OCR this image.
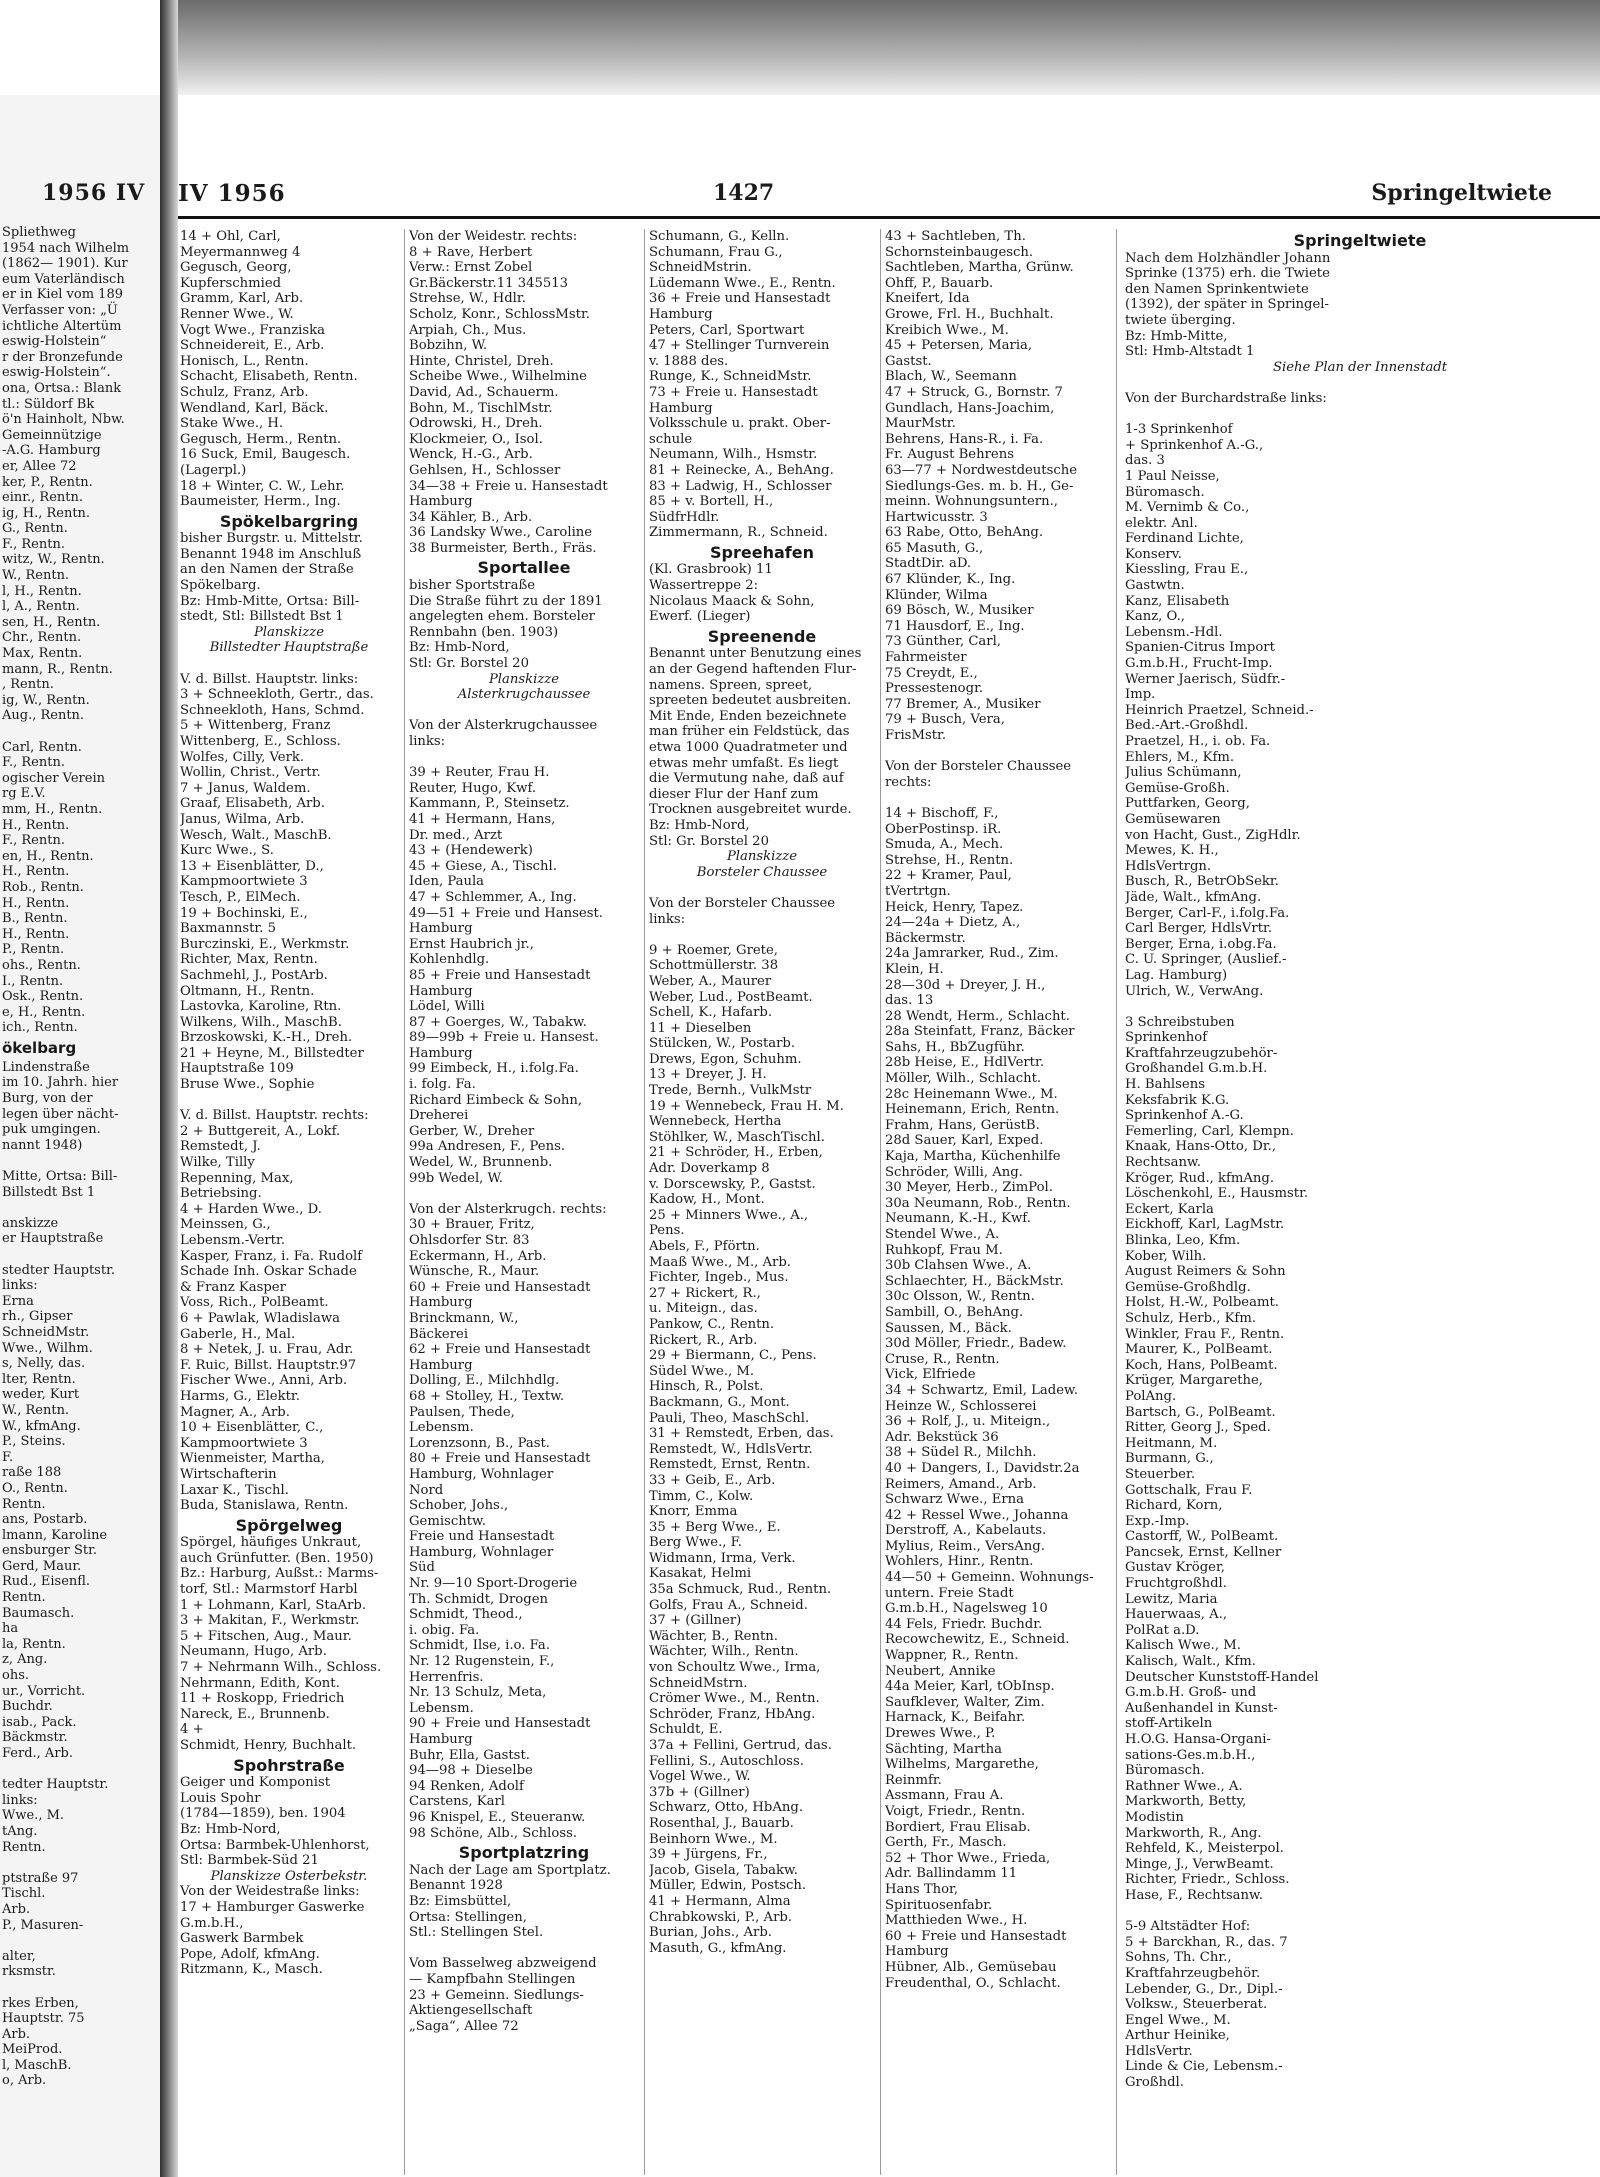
Spliethweg

1954 nach Wilhelm

(1862— 1901). Kur

eum Vaterländisch

er in Kiel vom 189

Verfasser von: „Ü

ichtliche Altertüm

eswig-Holstein“

r der Bronzefunde

eswig-Holstein“.

ona, Ortsa.: Blank

tl.: Süldorf Bk

ö'n Hainholt, Nbw.

Gemeinnützige

-A.G. Hamburg

er, Allee 72

ker, P., Rentn.

einr., Rentn.

ig, H., Rentn.

G., Rentn.

F., Rentn.

witz, W., Rentn.

W., Rentn.

l, H., Rentn.

l, A., Rentn.

sen, H., Rentn.

Chr., Rentn.

Max, Rentn.

mann, R., Rentn.

, Rentn.

ig, W., Rentn.

Aug., Rentn.

Carl, Rentn.

F., Rentn.

ogischer Verein

rg E.V.

mm, H., Rentn.

H., Rentn.

F., Rentn.

en, H., Rentn.

H., Rentn.

Rob., Rentn.

H., Rentn.

B., Rentn.

H., Rentn.

P., Rentn.

ohs., Rentn.

I., Rentn.

Osk., Rentn.

e, H., Rentn.

ich., Rentn.

ökelbarg

Lindenstraße

im 10. Jahrh. hier

Burg, von der

legen über nächt-

puk umgingen.

nannt 1948)

Mitte, Ortsa: Bill-

Billstedt Bst 1

anskizze

er Hauptstraße

stedter Hauptstr.

links:

Erna

rh., Gipser

SchneidMstr.

Wwe., Wilhm.

s, Nelly, das.

lter, Rentn.

weder, Kurt

W., Rentn.

W., kfmAng.

P., Steins.

F.

raße 188

O., Rentn.

Rentn.

ans, Postarb.

lmann, Karoline

ensburger Str.

Gerd, Maur.

Rud., Eisenfl.

Rentn.

Baumasch.

ha

la, Rentn.

z, Ang.

ohs.

ur., Vorricht.

Buchdr.

isab., Pack.

Bäckmstr.

Ferd., Arb.

tedter Hauptstr.

links:

Wwe., M.

tAng.

Rentn.

ptstraße 97

Tischl.

Arb.

P., Masuren-

alter,

rksmstr.

rkes Erben,

Hauptstr. 75

Arb.

MeiProd.

l, MaschB.

o, Arb.

1956 IV	IV 1956	1427	Springeltwiete

14 + Ohl, Carl,

Meyermannweg 4

Gegusch, Georg,

Kupferschmied

Gramm, Karl, Arb.

Renner Wwe., W.

Vogt Wwe., Franziska

Schneidereit, E., Arb.

Honisch, L., Rentn.

Schacht, Elisabeth, Rentn.

Schulz, Franz, Arb.

Wendland, Karl, Bäck.

Stake Wwe., H.

Gegusch, Herm., Rentn.

16 Suck, Emil, Baugesch.

(Lagerpl.)

18 + Winter, C. W., Lehr.

Baumeister, Herm., Ing.

Spökelbargring

bisher Burgstr. u. Mittelstr.

Benannt 1948 im Anschluß

an den Namen der Straße

Spökelbarg.

Bz: Hmb-Mitte, Ortsa: Bill-

stedt, Stl: Billstedt Bst 1

Planskizze

Billstedter Hauptstraße

V. d. Billst. Hauptstr. links:

3 + Schneekloth, Gertr., das.

Schneekloth, Hans, Schmd.

5 + Wittenberg, Franz

Wittenberg, E., Schloss.

Wolfes, Cilly, Verk.

Wollin, Christ., Vertr.

7 + Janus, Waldem.

Graaf, Elisabeth, Arb.

Janus, Wilma, Arb.

Wesch, Walt., MaschB.

Kurc Wwe., S.

13 + Eisenblätter, D.,

Kampmoortwiete 3

Tesch, P., ElMech.

19 + Bochinski, E.,

Baxmannstr. 5

Burczinski, E., Werkmstr.

Richter, Max, Rentn.

Sachmehl, J., PostArb.

Oltmann, H., Rentn.

Lastovka, Karoline, Rtn.

Wilkens, Wilh., MaschB.

Brzoskowski, K.-H., Dreh.

21 + Heyne, M., Billstedter

Hauptstraße 109

Bruse Wwe., Sophie

V. d. Billst. Hauptstr. rechts:

2 + Buttgereit, A., Lokf.

Remstedt, J.

Wilke, Tilly

Repenning, Max,

Betriebsing.

4 + Harden Wwe., D.

Meinssen, G.,

Lebensm.-Vertr.

Kasper, Franz, i. Fa. Rudolf

Schade Inh. Oskar Schade

& Franz Kasper

Voss, Rich., PolBeamt.

6 + Pawlak, Wladislawa

Gaberle, H., Mal.

8 + Netek, J. u. Frau, Adr.

F. Ruic, Billst. Hauptstr.97

Fischer Wwe., Anni, Arb.

Harms, G., Elektr.

Magner, A., Arb.

10 + Eisenblätter, C.,

Kampmoortwiete 3

Wienmeister, Martha,

Wirtschafterin

Laxar K., Tischl.

Buda, Stanislawa, Rentn.

Spörgelweg

Spörgel, häufiges Unkraut,

auch Grünfutter. (Ben. 1950)

Bz.: Harburg, Außst.: Marms-

torf, Stl.: Marmstorf Harbl

1 + Lohmann, Karl, StaArb.

3 + Makitan, F., Werkmstr.

5 + Fitschen, Aug., Maur.

Neumann, Hugo, Arb.

7 + Nehrmann Wilh., Schloss.

Nehrmann, Edith, Kont.

11 + Roskopp, Friedrich

Nareck, E., Brunnenb.

4 +

Schmidt, Henry, Buchhalt.

Spohrstraße

Geiger und Komponist

Louis Spohr

(1784—1859), ben. 1904

Bz: Hmb-Nord,

Ortsa: Barmbek-Uhlenhorst,

Stl: Barmbek-Süd 21

Planskizze Osterbekstr.

Von der Weidestraße links:

17 + Hamburger Gaswerke

G.m.b.H.,

Gaswerk Barmbek

Pope, Adolf, kfmAng.

Ritzmann, K., Masch.

Von der Weidestr. rechts:

8 + Rave, Herbert

Verw.: Ernst Zobel

Gr.Bäckerstr.11 345513

Strehse, W., Hdlr.

Scholz, Konr., SchlossMstr.

Arpiah, Ch., Mus.

Bobzihn, W.

Hinte, Christel, Dreh.

Scheibe Wwe., Wilhelmine

David, Ad., Schauerm.

Bohn, M., TischlMstr.

Odrowski, H., Dreh.

Klockmeier, O., Isol.

Wenck, H.-G., Arb.

Gehlsen, H., Schlosser

34—38 + Freie u. Hansestadt

Hamburg

34 Kähler, B., Arb.

36 Landsky Wwe., Caroline

38 Burmeister, Berth., Fräs.

Sportallee

bisher Sportstraße

Die Straße führt zu der 1891

angelegten ehem. Borsteler

Rennbahn (ben. 1903)

Bz: Hmb-Nord,

Stl: Gr. Borstel 20

Planskizze

Alsterkrugchaussee

Von der Alsterkrugchaussee

links:

39 + Reuter, Frau H.

Reuter, Hugo, Kwf.

Kammann, P., Steinsetz.

41 + Hermann, Hans,

Dr. med., Arzt

43 + (Hendewerk)

45 + Giese, A., Tischl.

Iden, Paula

47 + Schlemmer, A., Ing.

49—51 + Freie und Hansest.

Hamburg

Ernst Haubrich jr.,

Kohlenhdlg.

85 + Freie und Hansestadt

Hamburg

Lödel, Willi

87 + Goerges, W., Tabakw.

89—99b + Freie u. Hansest.

Hamburg

99 Eimbeck, H., i.folg.Fa.

i. folg. Fa.

Richard Eimbeck & Sohn,

Dreherei

Gerber, W., Dreher

99a Andresen, F., Pens.

Wedel, W., Brunnenb.

99b Wedel, W.

Von der Alsterkrugch. rechts:

30 + Brauer, Fritz,

Ohlsdorfer Str. 83

Eckermann, H., Arb.

Wünsche, R., Maur.

60 + Freie und Hansestadt

Hamburg

Brinckmann, W.,

Bäckerei

62 + Freie und Hansestadt

Hamburg

Dolling, E., Milchhdlg.

68 + Stolley, H., Textw.

Paulsen, Thede,

Lebensm.

Lorenzsonn, B., Past.

80 + Freie und Hansestadt

Hamburg, Wohnlager

Nord

Schober, Johs.,

Gemischtw.

Freie und Hansestadt

Hamburg, Wohnlager

Süd

Nr. 9—10 Sport-Drogerie

Th. Schmidt, Drogen

Schmidt, Theod.,

i. obig. Fa.

Schmidt, Ilse, i.o. Fa.

Nr. 12 Rugenstein, F.,

Herrenfris.

Nr. 13 Schulz, Meta,

Lebensm.

90 + Freie und Hansestadt

Hamburg

Buhr, Ella, Gastst.

94—98 + Dieselbe

94 Renken, Adolf

Carstens, Karl

96 Knispel, E., Steueranw.

98 Schöne, Alb., Schloss.

Sportplatzring

Nach der Lage am Sportplatz.

Benannt 1928

Bz: Eimsbüttel,

Ortsa: Stellingen,

Stl.: Stellingen Stel.

Vom Basselweg abzweigend

— Kampfbahn Stellingen

23 + Gemeinn. Siedlungs-

Aktiengesellschaft

„Saga“, Allee 72

Schumann, G., Kelln.

Schumann, Frau G.,

SchneidMstrin.

Lüdemann Wwe., E., Rentn.

36 + Freie und Hansestadt

Hamburg

Peters, Carl, Sportwart

47 + Stellinger Turnverein

v. 1888 des.

Runge, K., SchneidMstr.

73 + Freie u. Hansestadt

Hamburg

Volksschule u. prakt. Ober-

schule

Neumann, Wilh., Hsmstr.

81 + Reinecke, A., BehAng.

83 + Ladwig, H., Schlosser

85 + v. Bortell, H.,

SüdfrHdlr.

Zimmermann, R., Schneid.

Spreehafen

(Kl. Grasbrook) 11

Wassertreppe 2:

Nicolaus Maack & Sohn,

Ewerf. (Lieger)

Spreenende

Benannt unter Benutzung eines

an der Gegend haftenden Flur-

namens. Spreen, spreet,

spreeten bedeutet ausbreiten.

Mit Ende, Enden bezeichnete

man früher ein Feldstück, das

etwa 1000 Quadratmeter und

etwas mehr umfaßt. Es liegt

die Vermutung nahe, daß auf

dieser Flur der Hanf zum

Trocknen ausgebreitet wurde.

Bz: Hmb-Nord,

Stl: Gr. Borstel 20

Planskizze

Borsteler Chaussee

Von der Borsteler Chaussee

links:

9 + Roemer, Grete,

Schottmüllerstr. 38

Weber, A., Maurer

Weber, Lud., PostBeamt.

Schell, K., Hafarb.

11 + Dieselben

Stülcken, W., Postarb.

Drews, Egon, Schuhm.

13 + Dreyer, J. H.

Trede, Bernh., VulkMstr

19 + Wennebeck, Frau H. M.

Wennebeck, Hertha

Stöhlker, W., MaschTischl.

21 + Schröder, H., Erben,

Adr. Doverkamp 8

v. Dorscewsky, P., Gastst.

Kadow, H., Mont.

25 + Minners Wwe., A.,

Pens.

Abels, F., Pförtn.

Maaß Wwe., M., Arb.

Fichter, Ingeb., Mus.

27 + Rickert, R.,

u. Miteign., das.

Pankow, C., Rentn.

Rickert, R., Arb.

29 + Biermann, C., Pens.

Südel Wwe., M.

Hinsch, R., Polst.

Backmann, G., Mont.

Pauli, Theo, MaschSchl.

31 + Remstedt, Erben, das.

Remstedt, W., HdlsVertr.

Remstedt, Ernst, Rentn.

33 + Geib, E., Arb.

Timm, C., Kolw.

Knorr, Emma

35 + Berg Wwe., E.

Berg Wwe., F.

Widmann, Irma, Verk.

Kasakat, Helmi

35a Schmuck, Rud., Rentn.

Golfs, Frau A., Schneid.

37 + (Gillner)

Wächter, B., Rentn.

Wächter, Wilh., Rentn.

von Schoultz Wwe., Irma,

SchneidMstrn.

Crömer Wwe., M., Rentn.

Schröder, Franz, HbAng.

Schuldt, E.

37a + Fellini, Gertrud, das.

Fellini, S., Autoschloss.

Vogel Wwe., W.

37b + (Gillner)

Schwarz, Otto, HbAng.

Rosenthal, J., Bauarb.

Beinhorn Wwe., M.

39 + Jürgens, Fr.,

Jacob, Gisela, Tabakw.

Müller, Edwin, Postsch.

41 + Hermann, Alma

Chrabkowski, P., Arb.

Burian, Johs., Arb.

Masuth, G., kfmAng.

43 + Sachtleben, Th.

Schornsteinbaugesch.

Sachtleben, Martha, Grünw.

Ohff, P., Bauarb.

Kneifert, Ida

Growe, Frl. H., Buchhalt.

Kreibich Wwe., M.

45 + Petersen, Maria,

Gastst.

Blach, W., Seemann

47 + Struck, G., Bornstr. 7

Gundlach, Hans-Joachim,

MaurMstr.

Behrens, Hans-R., i. Fa.

Fr. August Behrens

63—77 + Nordwestdeutsche

Siedlungs-Ges. m. b. H., Ge-

meinn. Wohnungsuntern.,

Hartwicusstr. 3

63 Rabe, Otto, BehAng.

65 Masuth, G.,

StadtDir. aD.

67 Klünder, K., Ing.

Klünder, Wilma

69 Bösch, W., Musiker

71 Hausdorf, E., Ing.

73 Günther, Carl,

Fahrmeister

75 Creydt, E.,

Pressestenogr.

77 Bremer, A., Musiker

79 + Busch, Vera,

FrisMstr.

Von der Borsteler Chaussee

rechts:

14 + Bischoff, F.,

OberPostinsp. iR.

Smuda, A., Mech.

Strehse, H., Rentn.

22 + Kramer, Paul,

tVertrtgn.

Heick, Henry, Tapez.

24—24a + Dietz, A.,

Bäckermstr.

24a Jamrarker, Rud., Zim.

Klein, H.

28—30d + Dreyer, J. H.,

das. 13

28 Wendt, Herm., Schlacht.

28a Steinfatt, Franz, Bäcker

Sahs, H., BbZugführ.

28b Heise, E., HdlVertr.

Möller, Wilh., Schlacht.

28c Heinemann Wwe., M.

Heinemann, Erich, Rentn.

Frahm, Hans, GerüstB.

28d Sauer, Karl, Exped.

Kaja, Martha, Küchenhilfe

Schröder, Willi, Ang.

30 Meyer, Herb., ZimPol.

30a Neumann, Rob., Rentn.

Neumann, K.-H., Kwf.

Stendel Wwe., A.

Ruhkopf, Frau M.

30b Clahsen Wwe., A.

Schlaechter, H., BäckMstr.

30c Olsson, W., Rentn.

Sambill, O., BehAng.

Saussen, M., Bäck.

30d Möller, Friedr., Badew.

Cruse, R., Rentn.

Vick, Elfriede

34 + Schwartz, Emil, Ladew.

Heinze W., Schlosserei

36 + Rolf, J., u. Miteign.,

Adr. Bekstück 36

38 + Südel R., Milchh.

40 + Dangers, I., Davidstr.2a

Reimers, Amand., Arb.

Schwarz Wwe., Erna

42 + Ressel Wwe., Johanna

Derstroff, A., Kabelauts.

Mylius, Reim., VersAng.

Wohlers, Hinr., Rentn.

44—50 + Gemeinn. Wohnungs-

untern. Freie Stadt

G.m.b.H., Nagelsweg 10

44 Fels, Friedr. Buchdr.

Recowchewitz, E., Schneid.

Wappner, R., Rentn.

Neubert, Annike

44a Meier, Karl, tObInsp.

Saufklever, Walter, Zim.

Harnack, K., Beifahr.

Drewes Wwe., P.

Sächting, Martha

Wilhelms, Margarethe,

Reinmfr.

Assmann, Frau A.

Voigt, Friedr., Rentn.

Bordiert, Frau Elisab.

Gerth, Fr., Masch.

52 + Thor Wwe., Frieda,

Adr. Ballindamm 11

Hans Thor,

Spirituosenfabr.

Matthieden Wwe., H.

60 + Freie und Hansestadt

Hamburg

Hübner, Alb., Gemüsebau

Freudenthal, O., Schlacht.

Springeltwiete

Nach dem Holzhändler Johann

Sprinke (1375) erh. die Twiete

den Namen Sprinkentwiete

(1392), der später in Springel-

twiete überging.

Bz: Hmb-Mitte,

Stl: Hmb-Altstadt 1

Siehe Plan der Innenstadt

Von der Burchardstraße links:

1-3 Sprinkenhof

+ Sprinkenhof A.-G.,

das. 3

1 Paul Neisse,

Büromasch.

M. Vernimb & Co.,

elektr. Anl.

Ferdinand Lichte,

Konserv.

Kiessling, Frau E.,

Gastwtn.

Kanz, Elisabeth

Kanz, O.,

Lebensm.-Hdl.

Spanien-Citrus Import

G.m.b.H., Frucht-Imp.

Werner Jaerisch, Südfr.-

Imp.

Heinrich Praetzel, Schneid.-

Bed.-Art.-Großhdl.

Praetzel, H., i. ob. Fa.

Ehlers, M., Kfm.

Julius Schümann,

Gemüse-Großh.

Puttfarken, Georg,

Gemüsewaren

von Hacht, Gust., ZigHdlr.

Mewes, K. H.,

HdlsVertrgn.

Busch, R., BetrObSekr.

Jäde, Walt., kfmAng.

Berger, Carl-F., i.folg.Fa.

Carl Berger, HdlsVrtr.

Berger, Erna, i.obg.Fa.

C. U. Springer, (Auslief.-

Lag. Hamburg)

Ulrich, W., VerwAng.

3 Schreibstuben

Sprinkenhof

Kraftfahrzeugzubehör-

Großhandel G.m.b.H.

H. Bahlsens

Keksfabrik K.G.

Sprinkenhof A.-G.

Femerling, Carl, Klempn.

Knaak, Hans-Otto, Dr.,

Rechtsanw.

Kröger, Rud., kfmAng.

Löschenkohl, E., Hausmstr.

Eckert, Karla

Eickhoff, Karl, LagMstr.

Blinka, Leo, Kfm.

Kober, Wilh.

August Reimers & Sohn

Gemüse-Großhdlg.

Holst, H.-W., Polbeamt.

Schulz, Herb., Kfm.

Winkler, Frau F., Rentn.

Maurer, K., PolBeamt.

Koch, Hans, PolBeamt.

Krüger, Margarethe,

PolAng.

Bartsch, G., PolBeamt.

Ritter, Georg J., Sped.

Heitmann, M.

Burmann, G.,

Steuerber.

Gottschalk, Frau F.

Richard, Korn,

Exp.-Imp.

Castorff, W., PolBeamt.

Pancsek, Ernst, Kellner

Gustav Kröger,

Fruchtgroßhdl.

Lewitz, Maria

Hauerwaas, A.,

PolRat a.D.

Kalisch Wwe., M.

Kalisch, Walt., Kfm.

Deutscher Kunststoff-Handel

G.m.b.H. Groß- und

Außenhandel in Kunst-

stoff-Artikeln

H.O.G. Hansa-Organi-

sations-Ges.m.b.H.,

Büromasch.

Rathner Wwe., A.

Markworth, Betty,

Modistin

Markworth, R., Ang.

Rehfeld, K., Meisterpol.

Minge, J., VerwBeamt.

Richter, Friedr., Schloss.

Hase, F., Rechtsanw.

5-9 Altstädter Hof:

5 + Barckhan, R., das. 7

Sohns, Th. Chr.,

Kraftfahrzeugbehör.

Lebender, G., Dr., Dipl.-

Volksw., Steuerberat.

Engel Wwe., M.

Arthur Heinike,

HdlsVertr.

Linde & Cie, Lebensm.-

Großhdl.
